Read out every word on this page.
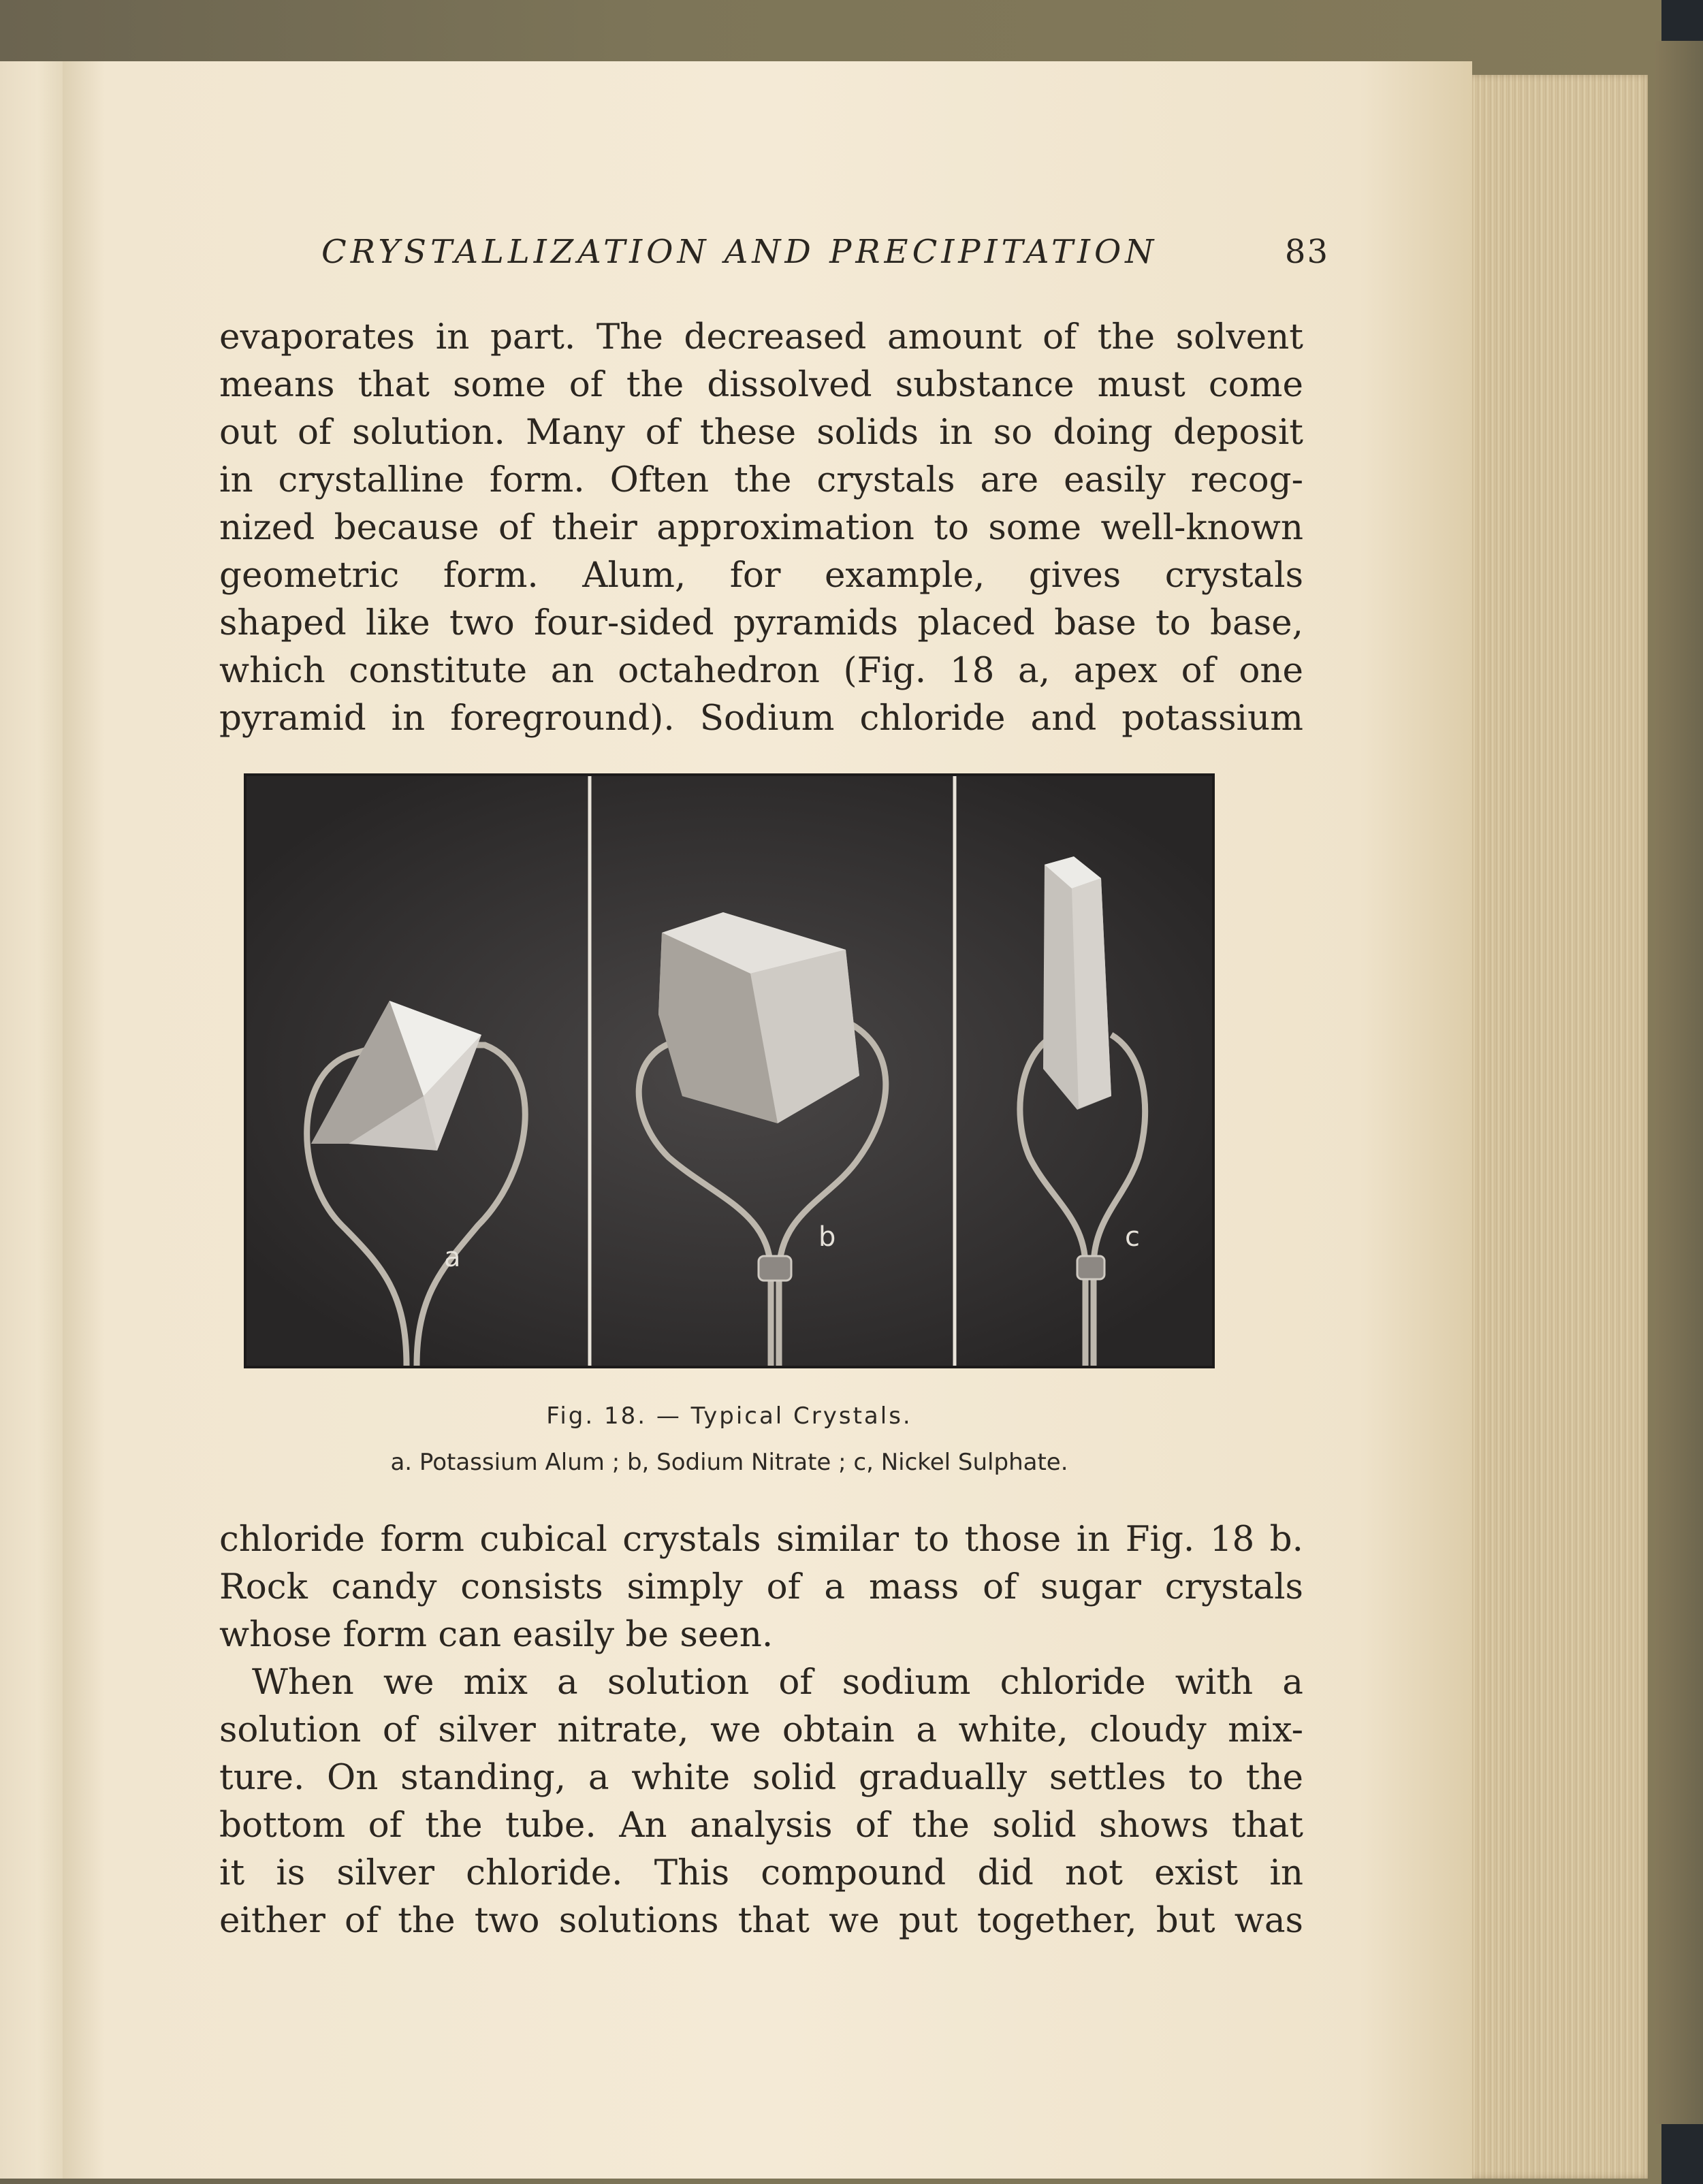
CRYSTALLIZATION AND PRECIPITATION	83
evaporates in part. The decreased amount of the solvent
means that some of the dissolved substance must come
out of solution. Many of these solids in so doing deposit
in crystalline form. Often the crystals are easily recog-
nized because of their approximation to some well-known
geometric form. Alum, for example, gives crystals
shaped like two four-sided pyramids placed base to base,
which constitute an octahedron (Fig. 18 a, apex of one
pyramid in foreground). Sodium chloride and potassium
a
b	c
Fig. 18. — Typical Crystals.
a. Potassium Alum ; b, Sodium Nitrate ; c, Nickel Sulphate.
chloride form cubical crystals similar to those in Fig. 18 b.
Rock candy consists simply of a mass of sugar crystals
whose form can easily be seen.
When we mix a solution of sodium chloride with a
solution of silver nitrate, we obtain a white, cloudy mix-
ture. On standing, a white solid gradually settles to the
bottom of the tube. An analysis of the solid shows that
it is silver chloride. This compound did not exist in
either of the two solutions that we put together, but was
